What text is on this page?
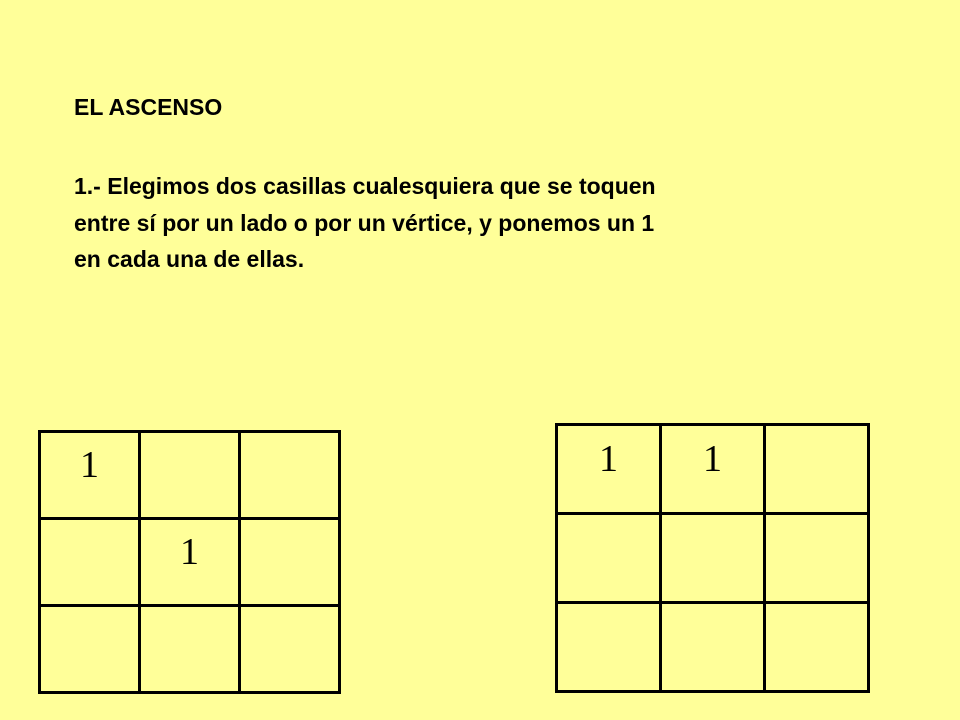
EL ASCENSO
1.- Elegimos dos casillas cualesquiera que se toquen
entre sí por un lado o por un vértice, y ponemos un 1
en cada una de ellas.
1		
	1	

1	1	
